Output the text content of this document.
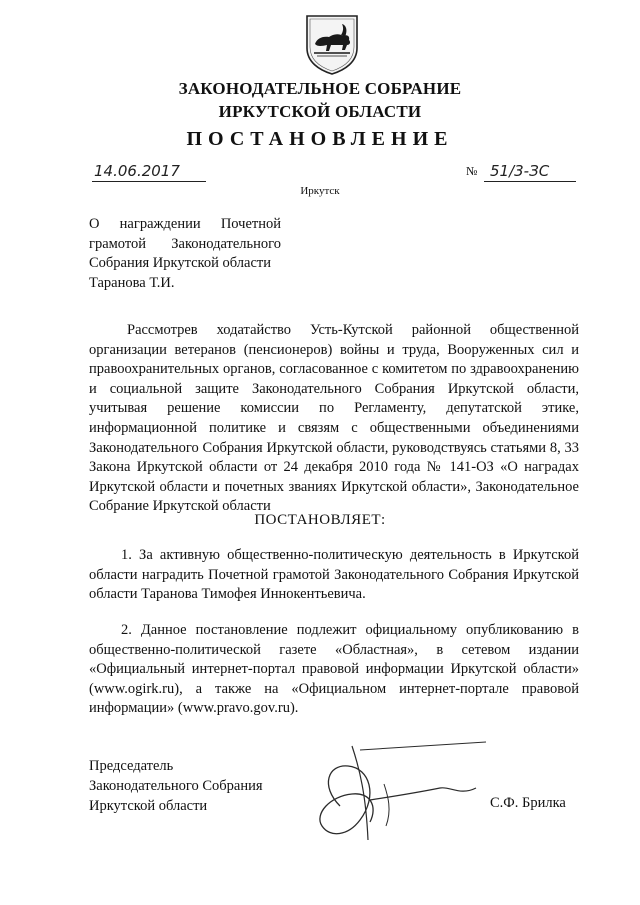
ЗАКОНОДАТЕЛЬНОЕ СОБРАНИЕ
ИРКУТСКОЙ ОБЛАСТИ
ПОСТАНОВЛЕНИЕ
14.06.2017	№ 51/3-ЗС
Иркутск
О награждении Почетной
грамотой Законодательного
Собрания Иркутской области
Таранова Т.И.
Рассмотрев ходатайство Усть-Кутской районной общественной организации ветеранов (пенсионеров) войны и труда, Вооруженных сил и правоохранительных органов, согласованное с комитетом по здравоохранению и социальной защите Законодательного Собрания Иркутской области, учитывая решение комиссии по Регламенту, депутатской этике, информационной политике и связям с общественными объединениями Законодательного Собрания Иркутской области, руководствуясь статьями 8, 33 Закона Иркутской области от 24 декабря 2010 года № 141-ОЗ «О наградах Иркутской области и почетных званиях Иркутской области», Законодательное Собрание Иркутской области
ПОСТАНОВЛЯЕТ:
1. За активную общественно-политическую деятельность в Иркутской области наградить Почетной грамотой Законодательного Собрания Иркутской области Таранова Тимофея Иннокентьевича.
2. Данное постановление подлежит официальному опубликованию в общественно-политической газете «Областная», в сетевом издании «Официальный интернет-портал правовой информации Иркутской области» (www.ogirk.ru), а также на «Официальном интернет-портале правовой информации» (www.pravo.gov.ru).
Председатель
Законодательного Собрания
Иркутской области	С.Ф. Брилка
